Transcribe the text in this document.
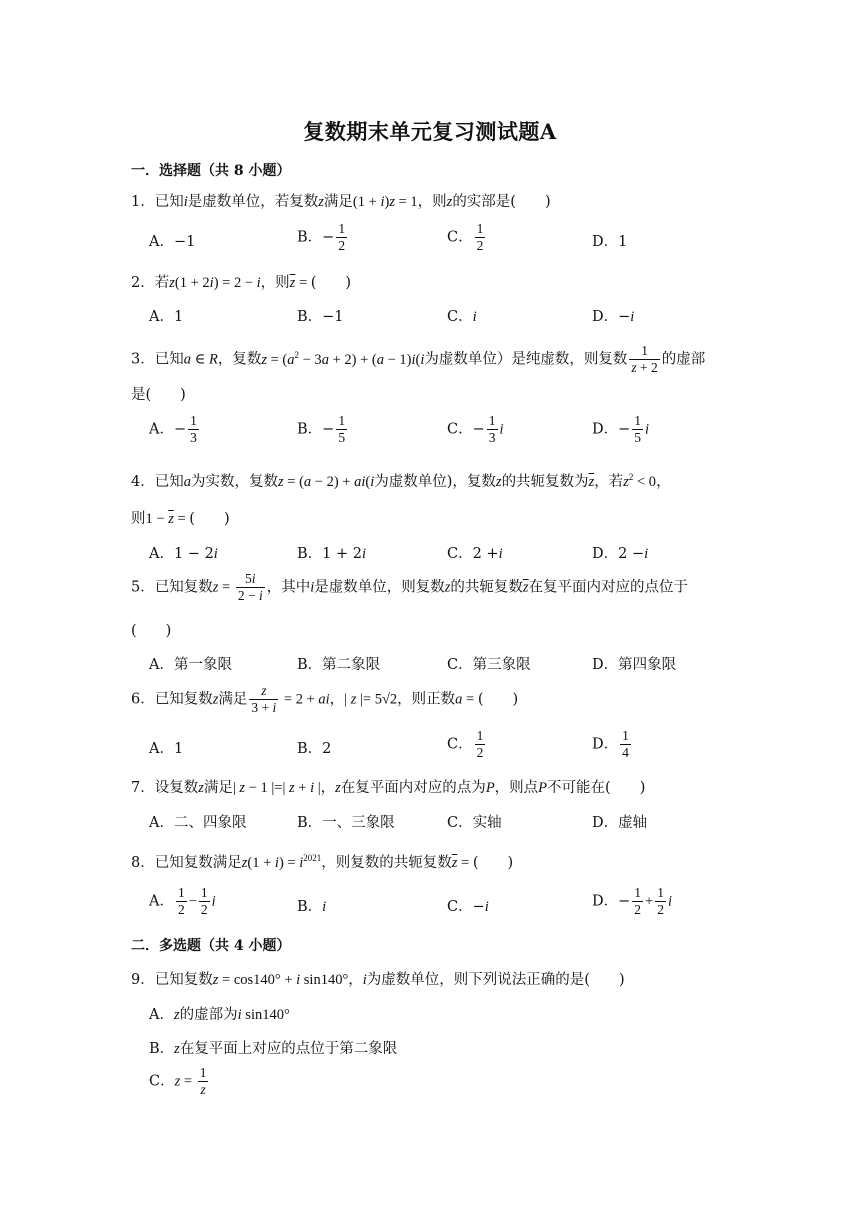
复数期末单元复习测试题A
一．选择题（共 8 小题）
1．已知i是虚数单位，若复数z满足(1 + i)z = 1，则z的实部是(　　)
A．−1	B．− $\frac{1}{2}$	C． $\frac{1}{2}$	D．1
2．若z(1 + 2i) = 2 − i，则$\overline{z}$ = (　　)
A．1	B．−1	C．i	D．−i
3．已知a ∈ R，复数$z = (a^2 - 3a + 2) + (a - 1)i(i$为虚数单位）是纯虚数，则复数 $\frac{1}{z + 2}$ 的虚部
是(　　)
A．− $\frac{1}{3}$	B．− $\frac{1}{5}$	C．− $\frac{1}{3}$ i	D．− $\frac{1}{5}$ i
4．已知a为实数，复数z = (a − 2) + ai(i为虚数单位)，复数z的共轭复数为$\overline{z}$，若$z^2 < 0$，
则$1 - \overline{z}$ = (　　)
A．1 − 2i	B．1 + 2i	C．2 +i	D．2 −i
5．已知复数$z = \frac{5i}{2 - i}$ ，其中i是虚数单位，则复数z的共轭复数$\overline{z}$在复平面内对应的点位于
(　　)
A．第一象限	B．第二象限	C．第三象限	D．第四象限
6．已知复数z满足 $\frac{z}{3 + i} = 2$ + ai，| z |= 5√2，则正数a = (　　)
A．1	B．2	C． $\frac{1}{2}$	D． $\frac{1}{4}$
7．设复数z满足| z − 1 |=| z + i |，z在复平面内对应的点为P，则点P不可能在(　　)
A．二、四象限	B．一、三象限	C．实轴	D．虚轴
8．已知复数满足$z(1 + i) = i^{2021}$，则复数的共轭复数$\overline{z}$ = (　　)
A． $\frac{1}{2} - \frac{1}{2}$ i	B．i	C．−i	D．− $\frac{1}{2} + \frac{1}{2}$ i
二．多选题（共 4 小题）
9．已知复数z = cos140° + i sin140°，i为虚数单位，则下列说法正确的是(　　)
A．z的虚部为i sin140°
B．z在复平面上对应的点位于第二象限
C．$z = \frac{1}{z}$
